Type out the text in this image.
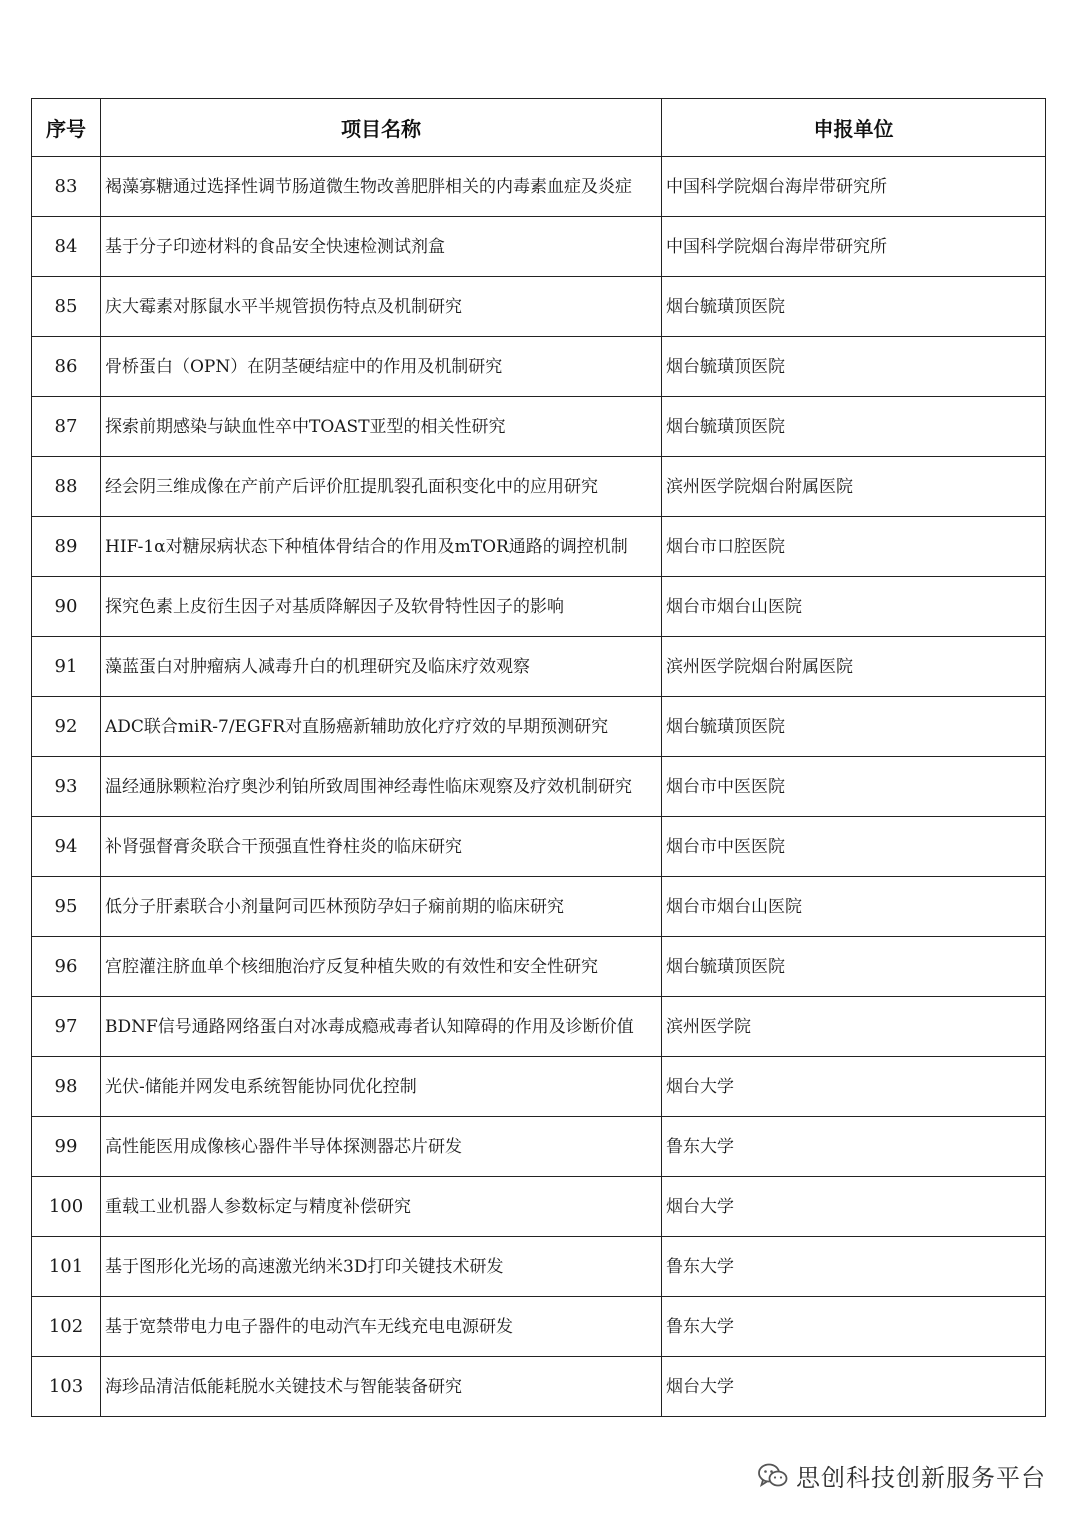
序号	项目名称	申报单位
83	褐藻寡糖通过选择性调节肠道微生物改善肥胖相关的内毒素血症及炎症	中国科学院烟台海岸带研究所
84	基于分子印迹材料的食品安全快速检测试剂盒	中国科学院烟台海岸带研究所
85	庆大霉素对豚鼠水平半规管损伤特点及机制研究	烟台毓璜顶医院
86	骨桥蛋白（OPN）在阴茎硬结症中的作用及机制研究	烟台毓璜顶医院
87	探索前期感染与缺血性卒中TOAST亚型的相关性研究	烟台毓璜顶医院
88	经会阴三维成像在产前产后评价肛提肌裂孔面积变化中的应用研究	滨州医学院烟台附属医院
89	HIF-1α对糖尿病状态下种植体骨结合的作用及mTOR通路的调控机制	烟台市口腔医院
90	探究色素上皮衍生因子对基质降解因子及软骨特性因子的影响	烟台市烟台山医院
91	藻蓝蛋白对肿瘤病人减毒升白的机理研究及临床疗效观察	滨州医学院烟台附属医院
92	ADC联合miR-7/EGFR对直肠癌新辅助放化疗疗效的早期预测研究	烟台毓璜顶医院
93	温经通脉颗粒治疗奥沙利铂所致周围神经毒性临床观察及疗效机制研究	烟台市中医医院
94	补肾强督膏灸联合干预强直性脊柱炎的临床研究	烟台市中医医院
95	低分子肝素联合小剂量阿司匹林预防孕妇子痫前期的临床研究	烟台市烟台山医院
96	宫腔灌注脐血单个核细胞治疗反复种植失败的有效性和安全性研究	烟台毓璜顶医院
97	BDNF信号通路网络蛋白对冰毒成瘾戒毒者认知障碍的作用及诊断价值	滨州医学院
98	光伏-储能并网发电系统智能协同优化控制	烟台大学
99	高性能医用成像核心器件半导体探测器芯片研发	鲁东大学
100	重载工业机器人参数标定与精度补偿研究	烟台大学
101	基于图形化光场的高速激光纳米3D打印关键技术研发	鲁东大学
102	基于宽禁带电力电子器件的电动汽车无线充电电源研发	鲁东大学
103	海珍品清洁低能耗脱水关键技术与智能装备研究	烟台大学
思创科技创新服务平台
